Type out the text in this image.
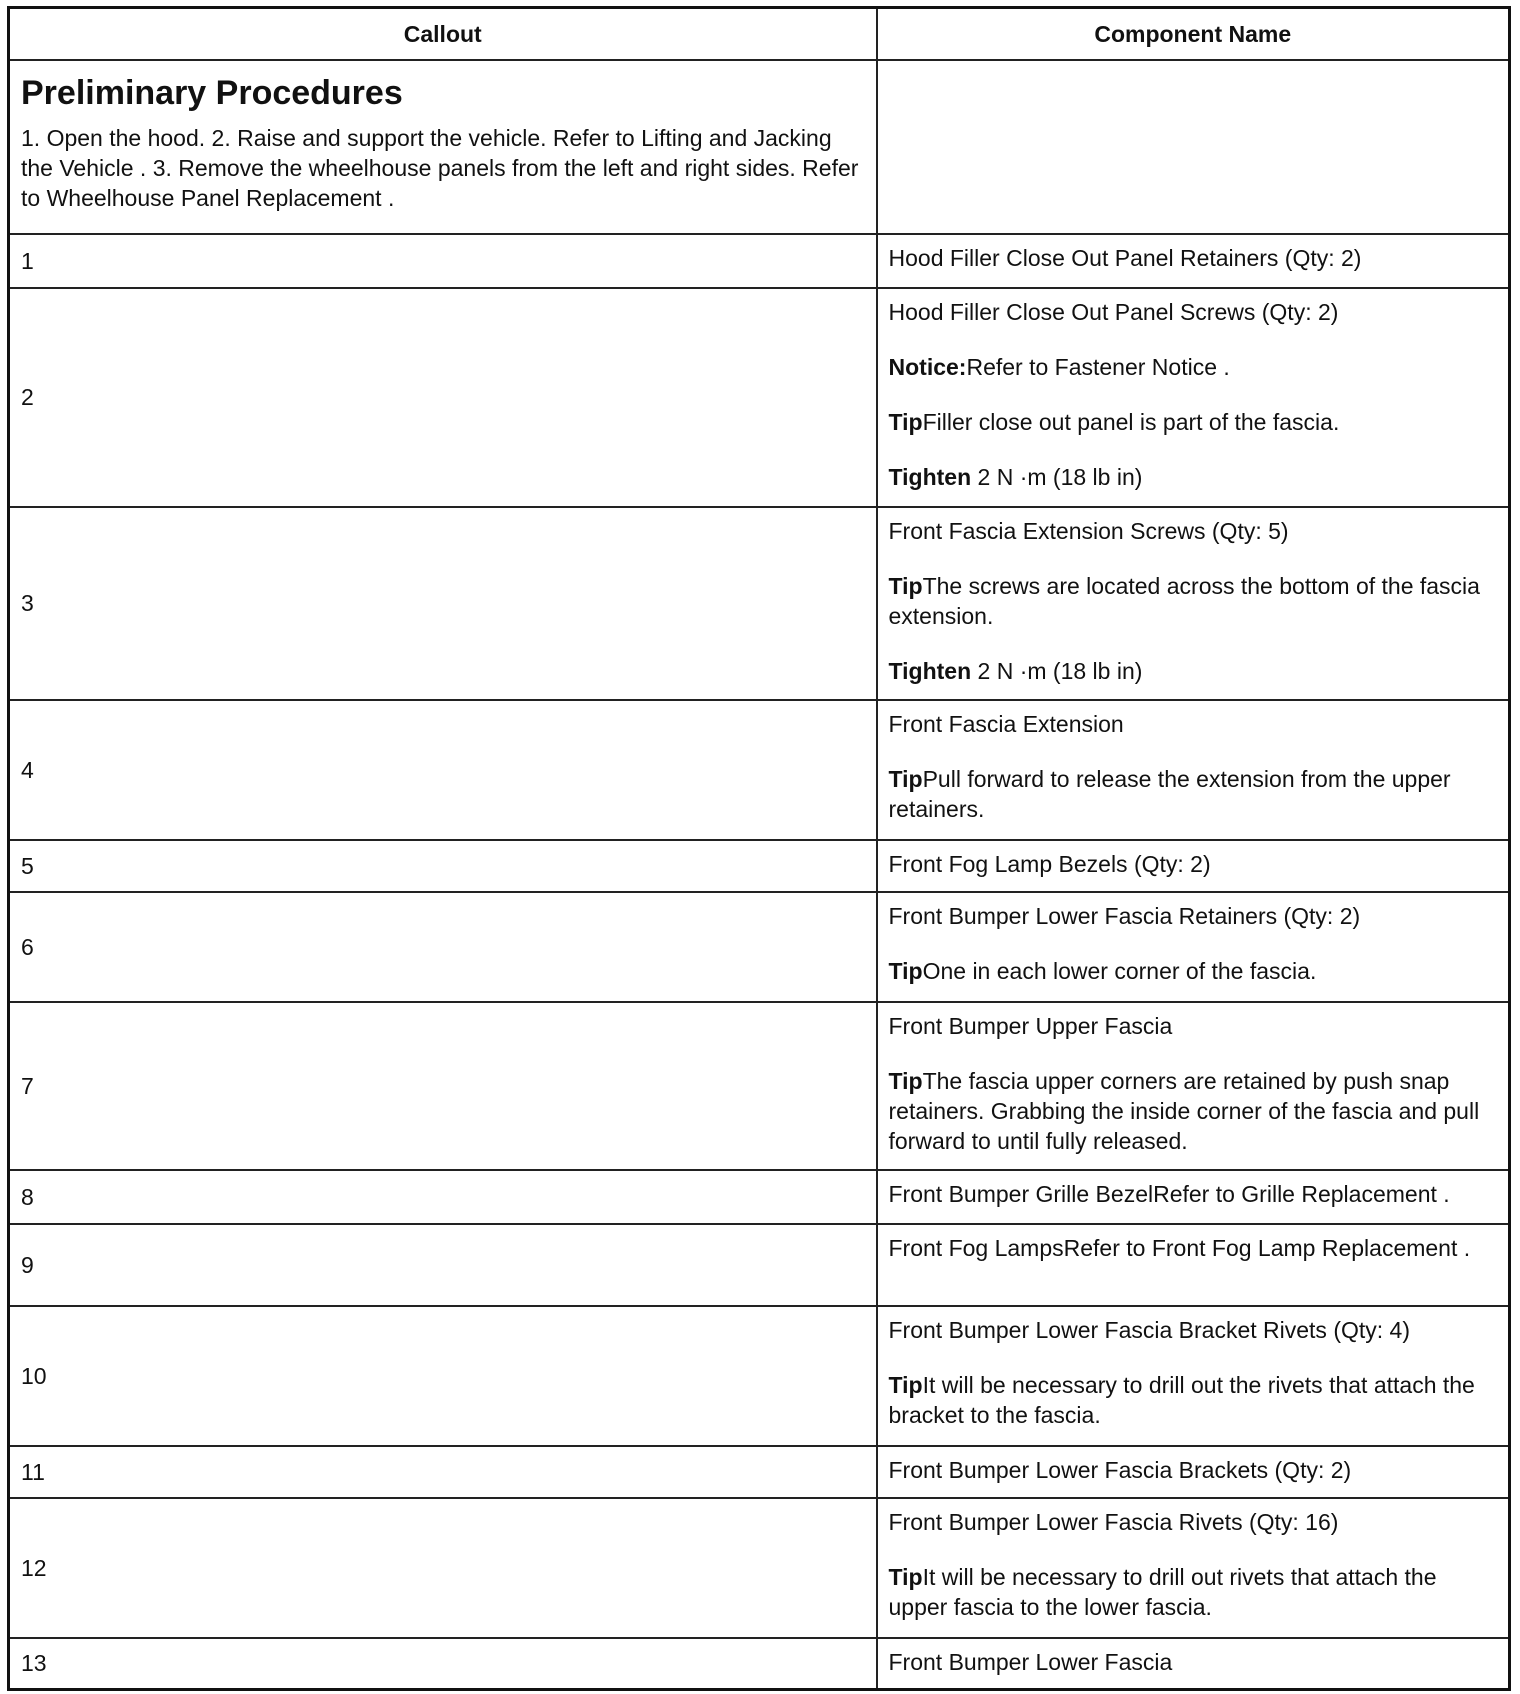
Callout	Component Name

Preliminary Procedures

1. Open the hood. 2. Raise and support the vehicle. Refer to Lifting and Jacking the Vehicle . 3. Remove the wheelhouse panels from the left and right sides. Refer to Wheelhouse Panel Replacement .	

1	Hood Filler Close Out Panel Retainers (Qty: 2)

2	Hood Filler Close Out Panel Screws (Qty: 2)

Notice:Refer to Fastener Notice .

TipFiller close out panel is part of the fascia.

Tighten 2 N ·m (18 lb in)

3	Front Fascia Extension Screws (Qty: 5)

TipThe screws are located across the bottom of the fascia extension.

Tighten 2 N ·m (18 lb in)

4	Front Fascia Extension

TipPull forward to release the extension from the upper retainers.

5	Front Fog Lamp Bezels (Qty: 2)

6	Front Bumper Lower Fascia Retainers (Qty: 2)

TipOne in each lower corner of the fascia.

7	Front Bumper Upper Fascia

TipThe fascia upper corners are retained by push snap retainers. Grabbing the inside corner of the fascia and pull forward to until fully released.

8	Front Bumper Grille BezelRefer to Grille Replacement .

9	Front Fog LampsRefer to Front Fog Lamp Replacement .

10	Front Bumper Lower Fascia Bracket Rivets (Qty: 4)

TipIt will be necessary to drill out the rivets that attach the bracket to the fascia.

11	Front Bumper Lower Fascia Brackets (Qty: 2)

12	Front Bumper Lower Fascia Rivets (Qty: 16)

TipIt will be necessary to drill out rivets that attach the upper fascia to the lower fascia.

13	Front Bumper Lower Fascia
